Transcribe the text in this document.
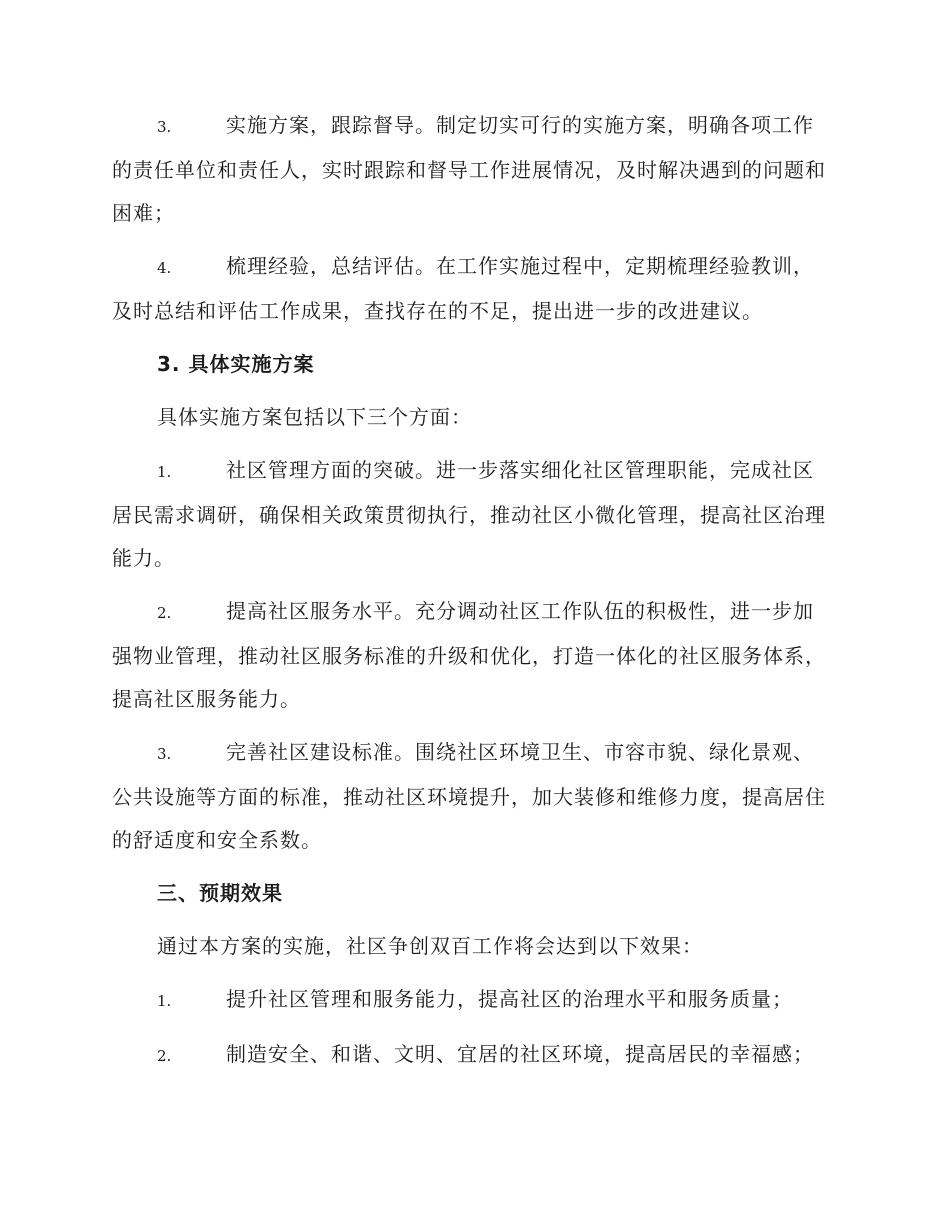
3.	实施方案，跟踪督导。制定切实可行的实施方案，明确各项工作的责任单位和责任人，实时跟踪和督导工作进展情况，及时解决遇到的问题和困难；

4.	梳理经验，总结评估。在工作实施过程中，定期梳理经验教训，及时总结和评估工作成果，查找存在的不足，提出进一步的改进建议。

3. 具体实施方案

具体实施方案包括以下三个方面：

1.	社区管理方面的突破。进一步落实细化社区管理职能，完成社区居民需求调研，确保相关政策贯彻执行，推动社区小微化管理，提高社区治理能力。

2.	提高社区服务水平。充分调动社区工作队伍的积极性，进一步加强物业管理，推动社区服务标准的升级和优化，打造一体化的社区服务体系，提高社区服务能力。

3.	完善社区建设标准。围绕社区环境卫生、市容市貌、绿化景观、公共设施等方面的标准，推动社区环境提升，加大装修和维修力度，提高居住的舒适度和安全系数。

三、预期效果

通过本方案的实施，社区争创双百工作将会达到以下效果：

1.	提升社区管理和服务能力，提高社区的治理水平和服务质量；

2.	制造安全、和谐、文明、宜居的社区环境，提高居民的幸福感；
